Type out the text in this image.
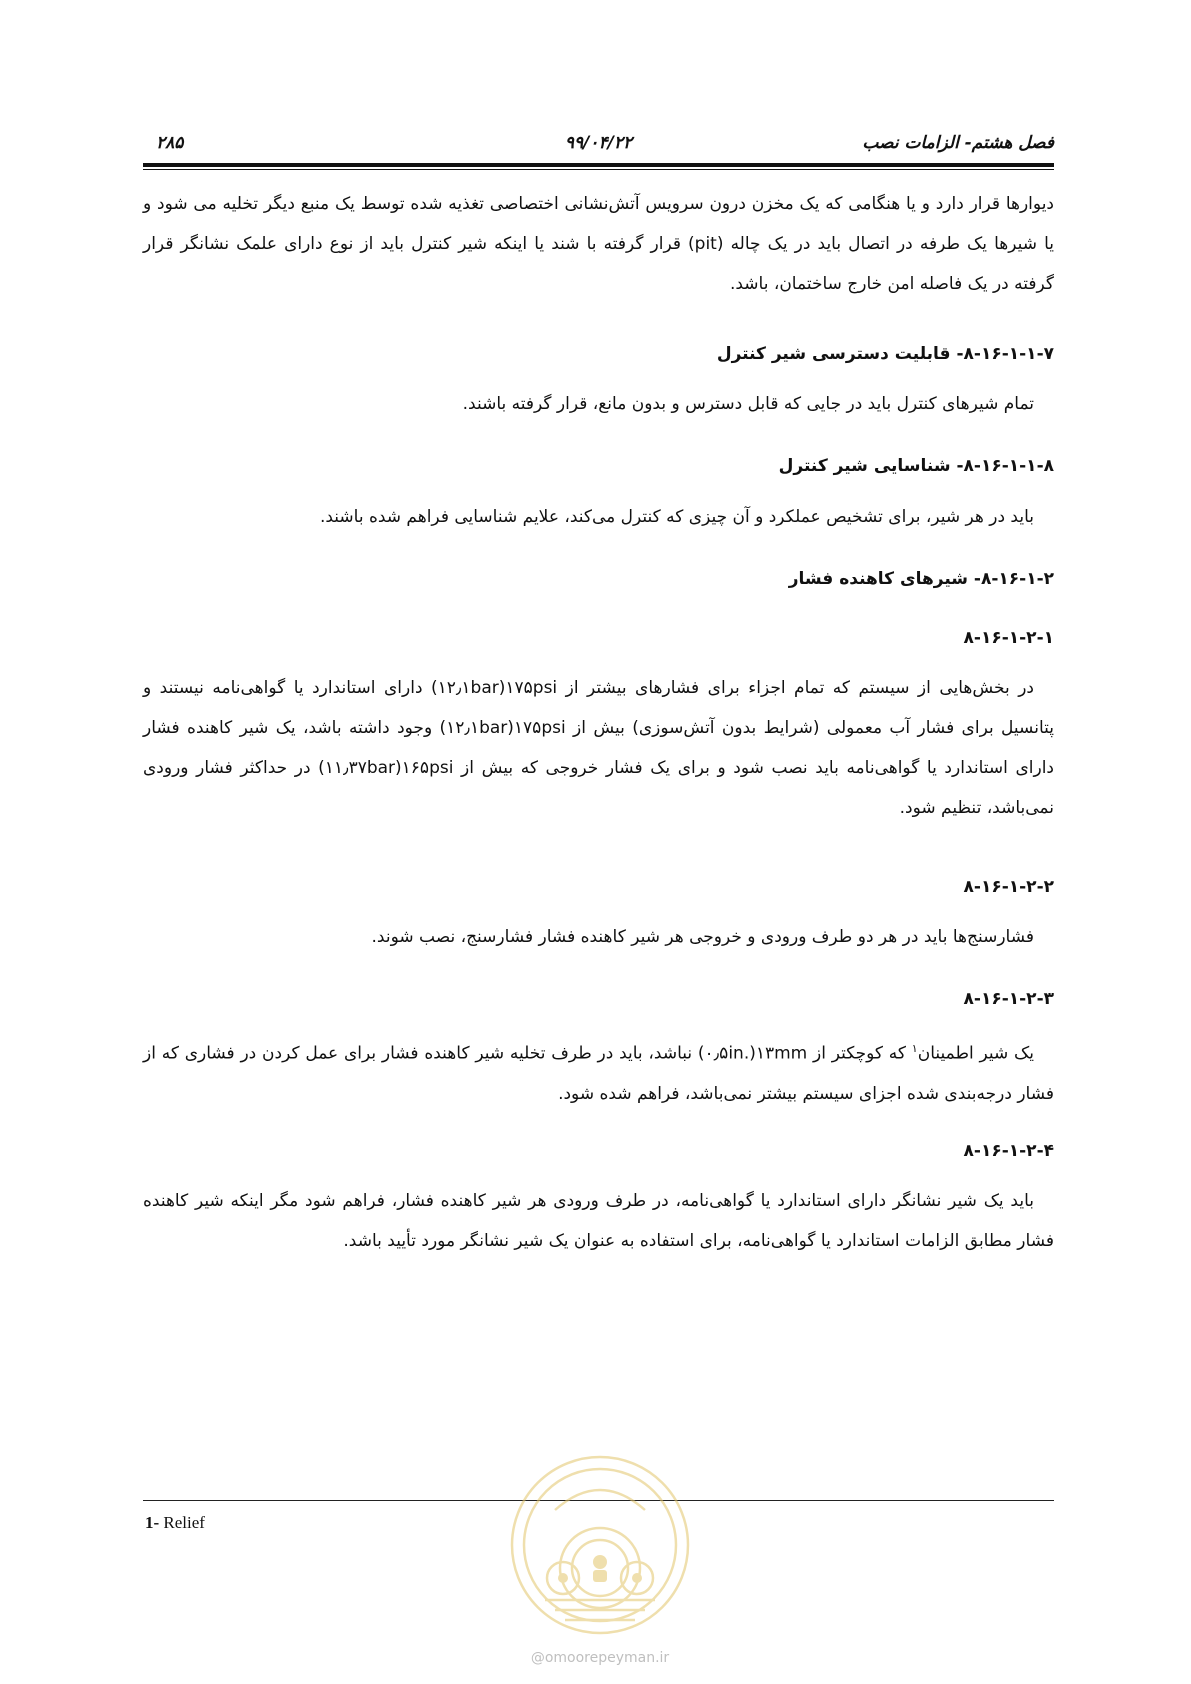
فصل هشتم- الزامات نصب
۹۹/۰۴/۲۲
۲۸۵
دیوارها قرار دارد و یا هنگامی که یک مخزن درون سرویس آتش‌نشانی اختصاصی تغذیه شده توسط یک منبع دیگر تخلیه می شود و یا شیرها یک طرفه در اتصال باید در یک چاله (pit) قرار گرفته با شند یا اینکه شیر کنترل باید از نوع دارای علمک نشانگر قرار گرفته در یک فاصله امن خارج ساختمان، باشد.
۸-۱۶-۱-۱-۷- قابلیت دسترسی شیر کنترل
تمام شیرهای کنترل باید در جایی که قابل دسترس و بدون مانع، قرار گرفته باشند.
۸-۱۶-۱-۱-۸- شناسایی شیر کنترل
باید در هر شیر، برای تشخیص عملکرد و آن چیزی که کنترل می‌کند، علایم شناسایی فراهم شده باشند.
۸-۱۶-۱-۲- شیرهای کاهنده فشار
۸-۱۶-۱-۲-۱
در بخش‌هایی از سیستم که تمام اجزاء برای فشارهای بیشتر از ۱۷۵psi(۱۲٫۱bar) دارای استاندارد یا گواهی‌نامه نیستند و پتانسیل برای فشار آب معمولی (شرایط بدون آتش‌سوزی) بیش از ۱۷۵psi(۱۲٫۱bar) وجود داشته باشد، یک شیر کاهنده فشار دارای استاندارد یا گواهی‌نامه باید نصب شود و برای یک فشار خروجی که بیش از ۱۶۵psi(۱۱٫۳۷bar) در حداکثر فشار ورودی نمی‌باشد، تنظیم شود.
۸-۱۶-۱-۲-۲
فشارسنج‌ها باید در هر دو طرف ورودی و خروجی هر شیر کاهنده فشار فشارسنج، نصب شوند.
۸-۱۶-۱-۲-۳
یک شیر اطمینان$^۱$ که کوچکتر از ۱۳mm(.۰٫۵in) نباشد، باید در طرف تخلیه شیر کاهنده فشار برای عمل کردن در فشاری که از فشار درجه‌بندی شده اجزای سیستم بیشتر نمی‌باشد، فراهم شده شود.
۸-۱۶-۱-۲-۴
باید یک شیر نشانگر دارای استاندارد یا گواهی‌نامه، در طرف ورودی هر شیر کاهنده فشار، فراهم شود مگر اینکه شیر کاهنده فشار مطابق الزامات استاندارد یا گواهی‌نامه، برای استفاده به عنوان یک شیر نشانگر مورد تأیید باشد.
1- Relief
@omoorepeyman.ir
